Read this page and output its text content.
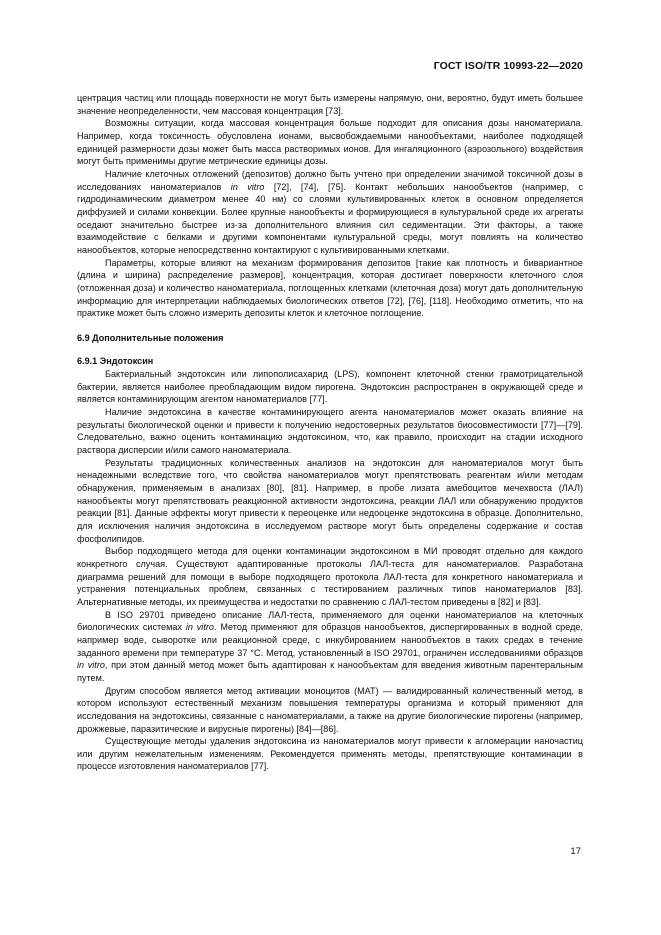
ГОСТ ISO/TR 10993-22—2020

центрация частиц или площадь поверхности не могут быть измерены напрямую, они, вероятно, будут иметь большее значение неопределенности, чем массовая концентрация [73].

Возможны ситуации, когда массовая концентрация больше подходит для описания дозы наноматериала. Например, когда токсичность обусловлена ионами, высвобождаемыми нанообъектами, наиболее подходящей единицей размерности дозы может быть масса растворимых ионов. Для ингаляционного (аэрозольного) воздействия могут быть применимы другие метрические единицы дозы.

Наличие клеточных отложений (депозитов) должно быть учтено при определении значимой токсичной дозы в исследованиях наноматериалов in vitro [72], [74], [75]. Контакт небольших нанообъектов (например, с гидродинамическим диаметром менее 40 нм) со слоями культивированных клеток в основном определяется диффузией и силами конвекции. Более крупные нанообъекты и формирующиеся в культуральной среде их агрегаты оседают значительно быстрее из-за дополнительного влияния сил седиментации. Эти факторы, а также взаимодействие с белками и другими компонентами культуральной среды, могут повлиять на количество нанообъектов, которые непосредственно контактируют с культивированными клетками.

Параметры, которые влияют на механизм формирования депозитов [такие как плотность и бивариантное (длина и ширина) распределение размеров], концентрация, которая достигает поверхности клеточного слоя (отложенная доза) и количество наноматериала, поглощенных клетками (клеточная доза) могут дать дополнительную информацию для интерпретации наблюдаемых биологических ответов [72], [76], [118]. Необходимо отметить, что на практике может быть сложно измерить депозиты клеток и клеточное поглощение.

6.9 Дополнительные положения
6.9.1 Эндотоксин

Бактериальный эндотоксин или липополисахарид (LPS), компонент клеточной стенки грамотрицательной бактерии, является наиболее преобладающим видом пирогена. Эндотоксин распространен в окружающей среде и является контаминирующим агентом наноматериалов [77].

Наличие эндотоксина в качестве контаминирующего агента наноматериалов может оказать влияние на результаты биологической оценки и привести к получению недостоверных результатов биосовместимости [77]—[79]. Следовательно, важно оценить контаминацию эндотоксином, что, как правило, происходит на стадии исходного раствора дисперсии и/или самого наноматериала.

Результаты традиционных количественных анализов на эндотоксин для наноматериалов могут быть ненадежными вследствие того, что свойства наноматериалов могут препятствовать реагентам и/или методам обнаружения, применяемым в анализах [80], [81]. Например, в пробе лизата амебоцитов мечехвоста (ЛАЛ) нанообъекты могут препятствовать реакционной активности эндотоксина, реакции ЛАЛ или обнаружению продуктов реакции [81]. Данные эффекты могут привести к переоценке или недооценке эндотоксина в образце. Дополнительно, для исключения наличия эндотоксина в исследуемом растворе могут быть определены содержание и состав фосфолипидов.

Выбор подходящего метода для оценки контаминации эндотоксином в МИ проводят отдельно для каждого конкретного случая. Существуют адаптированные протоколы ЛАЛ-теста для наноматериалов. Разработана диаграмма решений для помощи в выборе подходящего протокола ЛАЛ-теста для конкретного наноматериала и устранения потенциальных проблем, связанных с тестированием различных типов наноматериалов [83]. Альтернативные методы, их преимущества и недостатки по сравнению с ЛАЛ-тестом приведены в [82] и [83].

В ISO 29701 приведено описание ЛАЛ-теста, применяемого для оценки наноматериалов на клеточных биологических системах in vitro. Метод применяют для образцов нанообъектов, диспергированных в водной среде, например воде, сыворотке или реакционной среде, с инкубированием нанообъектов в таких средах в течение заданного времени при температуре 37 °C. Метод, установленный в ISO 29701, ограничен исследованиями образцов in vitro, при этом данный метод может быть адаптирован к нанообъектам для введения животным парентеральным путем.

Другим способом является метод активации моноцитов (МАТ) — валидированный количественный метод, в котором используют естественный механизм повышения температуры организма и который применяют для исследования на эндотоксины, связанные с наноматериалами, а также на другие биологические пирогены (например, дрожжевые, паразитические и вирусные пирогены) [84]—[86].

Существующие методы удаления эндотоксина из наноматериалов могут привести к агломерации наночастиц или другим нежелательным изменениям. Рекомендуется применять методы, препятствующие контаминации в процессе изготовления наноматериалов [77].

17
